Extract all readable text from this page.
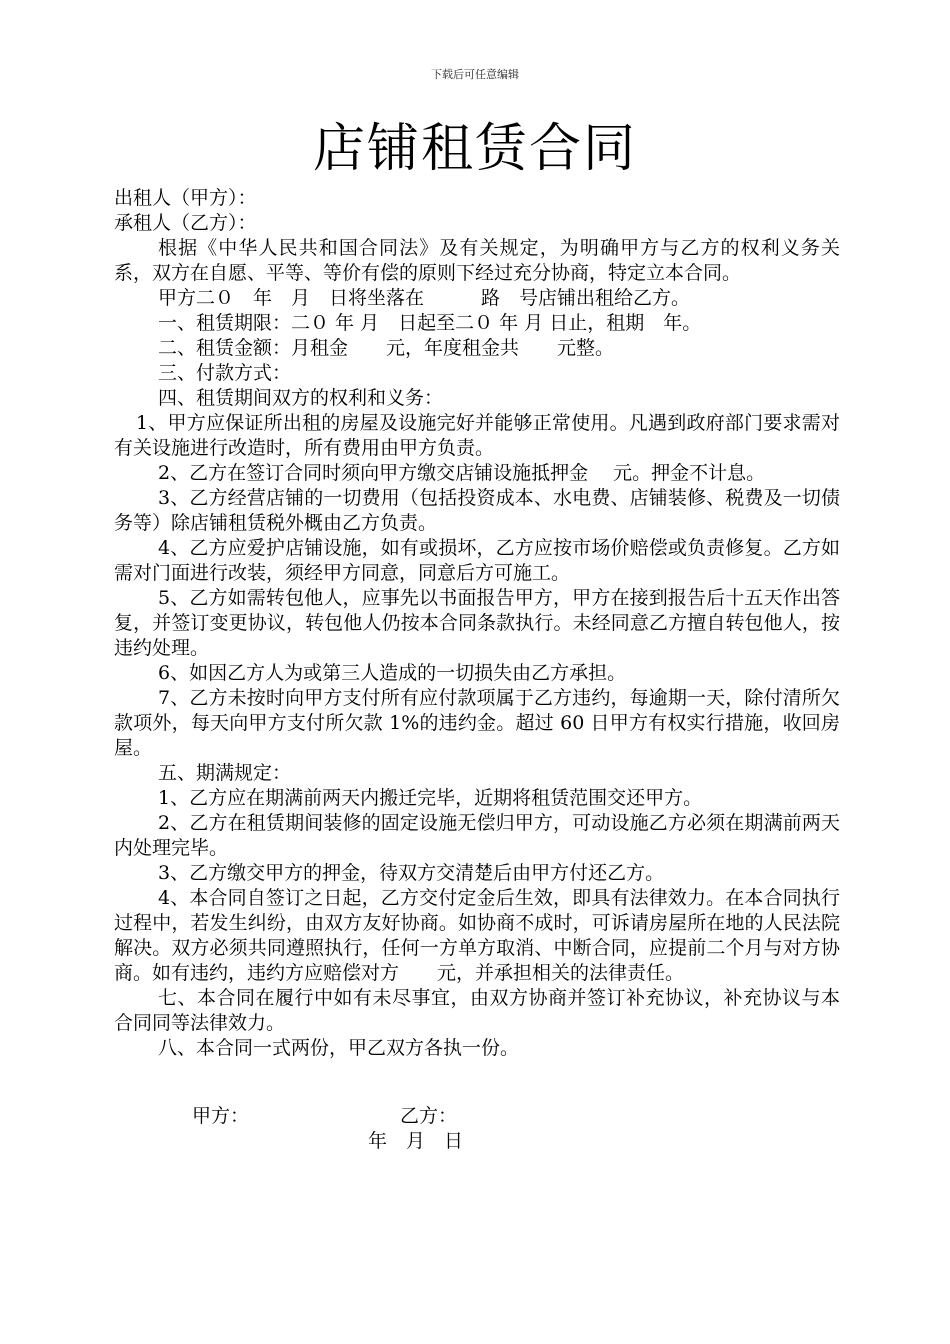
下载后可任意编辑
店铺租赁合同

出租人（甲方）：

承租人（乙方）：

根据《中华人民共和国合同法》及有关规定，为明确甲方与乙方的权利义务关系，双方在自愿、平等、等价有偿的原则下经过充分协商，特定立本合同。

甲方二０　年　月　日将坐落在　　　路　号店铺出租给乙方。

一、租赁期限：二０ 年 月　日起至二０ 年 月 日止，租期　年。

二、租赁金额：月租金　　元，年度租金共　　元整。

三、付款方式：

四、租赁期间双方的权利和义务：

1、甲方应保证所出租的房屋及设施完好并能够正常使用。凡遇到政府部门要求需对有关设施进行改造时，所有费用由甲方负责。

2、乙方在签订合同时须向甲方缴交店铺设施抵押金　 元。押金不计息。

3、乙方经营店铺的一切费用（包括投资成本、水电费、店铺装修、税费及一切债务等）除店铺租赁税外概由乙方负责。

4、乙方应爱护店铺设施，如有或损坏，乙方应按市场价赔偿或负责修复。乙方如需对门面进行改装，须经甲方同意，同意后方可施工。

5、乙方如需转包他人，应事先以书面报告甲方，甲方在接到报告后十五天作出答复，并签订变更协议，转包他人仍按本合同条款执行。未经同意乙方擅自转包他人，按违约处理。

6、如因乙方人为或第三人造成的一切损失由乙方承担。

7、乙方未按时向甲方支付所有应付款项属于乙方违约，每逾期一天，除付清所欠款项外，每天向甲方支付所欠款 1%的违约金。超过 60 日甲方有权实行措施，收回房屋。

五、期满规定：

1、乙方应在期满前两天内搬迁完毕，近期将租赁范围交还甲方。

2、乙方在租赁期间装修的固定设施无偿归甲方，可动设施乙方必须在期满前两天内处理完毕。

3、乙方缴交甲方的押金，待双方交清楚后由甲方付还乙方。

4、本合同自签订之日起，乙方交付定金后生效，即具有法律效力。在本合同执行过程中，若发生纠纷，由双方友好协商。如协商不成时，可诉请房屋所在地的人民法院解决。双方必须共同遵照执行，任何一方单方取消、中断合同，应提前二个月与对方协商。如有违约，违约方应赔偿对方　　元，并承担相关的法律责任。

七、本合同在履行中如有未尽事宜，由双方协商并签订补充协议，补充协议与本合同同等法律效力。

八、本合同一式两份，甲乙双方各执一份。

甲方：	乙方：
年　月　日
